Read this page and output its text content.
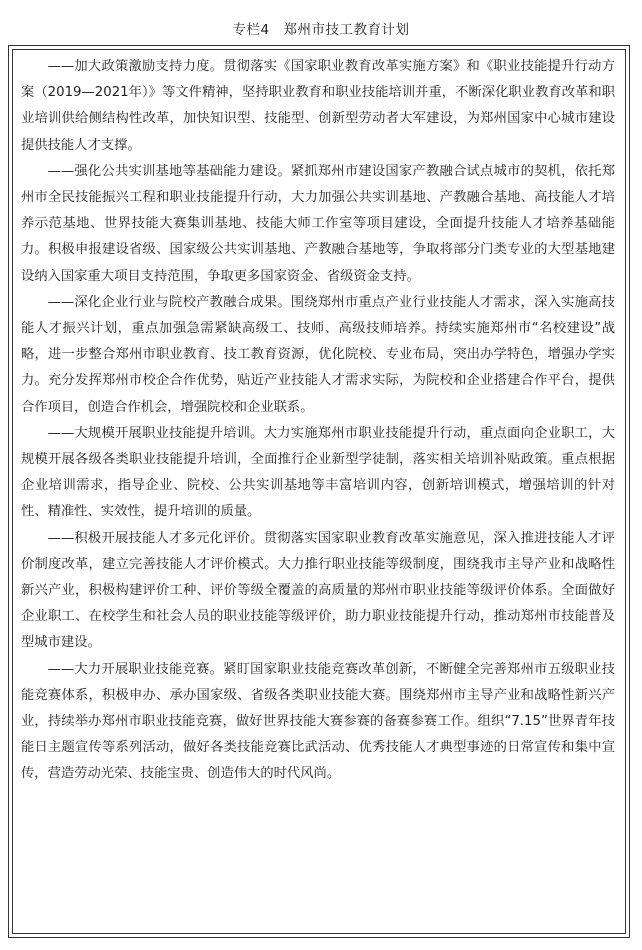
专栏4　郑州市技工教育计划

——加大政策激励支持力度。贯彻落实《国家职业教育改革实施方案》和《职业技能提升行动方案（2019—2021年）》等文件精神，坚持职业教育和职业技能培训并重，不断深化职业教育改革和职业培训供给侧结构性改革，加快知识型、技能型、创新型劳动者大军建设，为郑州国家中心城市建设提供技能人才支撑。

——强化公共实训基地等基础能力建设。紧抓郑州市建设国家产教融合试点城市的契机，依托郑州市全民技能振兴工程和职业技能提升行动，大力加强公共实训基地、产教融合基地、高技能人才培养示范基地、世界技能大赛集训基地、技能大师工作室等项目建设，全面提升技能人才培养基础能力。积极申报建设省级、国家级公共实训基地、产教融合基地等，争取将部分门类专业的大型基地建设纳入国家重大项目支持范围，争取更多国家资金、省级资金支持。

——深化企业行业与院校产教融合成果。围绕郑州市重点产业行业技能人才需求，深入实施高技能人才振兴计划，重点加强急需紧缺高级工、技师、高级技师培养。持续实施郑州市“名校建设”战略，进一步整合郑州市职业教育、技工教育资源，优化院校、专业布局，突出办学特色，增强办学实力。充分发挥郑州市校企合作优势，贴近产业技能人才需求实际，为院校和企业搭建合作平台，提供合作项目，创造合作机会，增强院校和企业联系。

——大规模开展职业技能提升培训。大力实施郑州市职业技能提升行动，重点面向企业职工，大规模开展各级各类职业技能提升培训，全面推行企业新型学徒制，落实相关培训补贴政策。重点根据企业培训需求，指导企业、院校、公共实训基地等丰富培训内容，创新培训模式，增强培训的针对性、精准性、实效性，提升培训的质量。

——积极开展技能人才多元化评价。贯彻落实国家职业教育改革实施意见，深入推进技能人才评价制度改革，建立完善技能人才评价模式。大力推行职业技能等级制度，围绕我市主导产业和战略性新兴产业，积极构建评价工种、评价等级全覆盖的高质量的郑州市职业技能等级评价体系。全面做好企业职工、在校学生和社会人员的职业技能等级评价，助力职业技能提升行动，推动郑州市技能普及型城市建设。

——大力开展职业技能竞赛。紧盯国家职业技能竞赛改革创新，不断健全完善郑州市五级职业技能竞赛体系，积极申办、承办国家级、省级各类职业技能大赛。围绕郑州市主导产业和战略性新兴产业，持续举办郑州市职业技能竞赛，做好世界技能大赛参赛的备赛参赛工作。组织“7.15”世界青年技能日主题宣传等系列活动，做好各类技能竞赛比武活动、优秀技能人才典型事迹的日常宣传和集中宣传，营造劳动光荣、技能宝贵、创造伟大的时代风尚。
